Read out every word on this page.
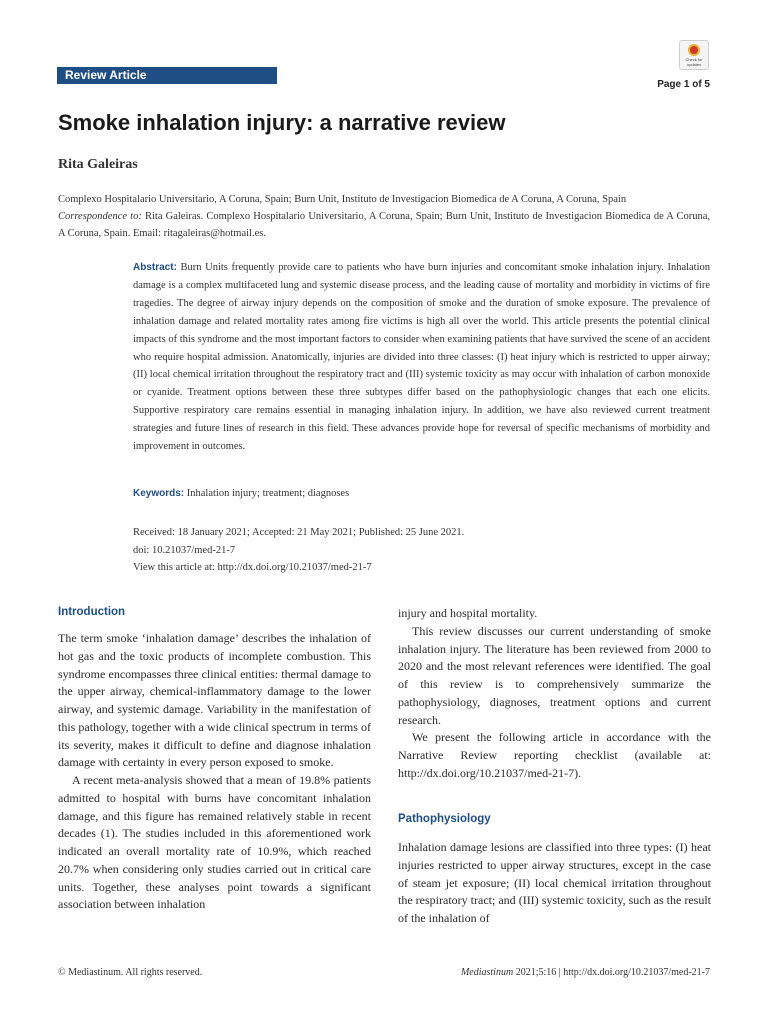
Review Article
Check for updates
Page 1 of 5
Smoke inhalation injury: a narrative review
Rita Galeiras

Complexo Hospitalario Universitario, A Coruna, Spain; Burn Unit, Instituto de Investigacion Biomedica de A Coruna, A Coruna, Spain

Correspondence to: Rita Galeiras. Complexo Hospitalario Universitario, A Coruna, Spain; Burn Unit, Instituto de Investigacion Biomedica de A Coruna, A Coruna, Spain. Email: ritagaleiras@hotmail.es.

Abstract: Burn Units frequently provide care to patients who have burn injuries and concomitant smoke inhalation injury. Inhalation damage is a complex multifaceted lung and systemic disease process, and the leading cause of mortality and morbidity in victims of fire tragedies. The degree of airway injury depends on the composition of smoke and the duration of smoke exposure. The prevalence of inhalation damage and related mortality rates among fire victims is high all over the world. This article presents the potential clinical impacts of this syndrome and the most important factors to consider when examining patients that have survived the scene of an accident who require hospital admission. Anatomically, injuries are divided into three classes: (I) heat injury which is restricted to upper airway; (II) local chemical irritation throughout the respiratory tract and (III) systemic toxicity as may occur with inhalation of carbon monoxide or cyanide. Treatment options between these three subtypes differ based on the pathophysiologic changes that each one elicits. Supportive respiratory care remains essential in managing inhalation injury. In addition, we have also reviewed current treatment strategies and future lines of research in this field. These advances provide hope for reversal of specific mechanisms of morbidity and improvement in outcomes.

Keywords: Inhalation injury; treatment; diagnoses
Received: 18 January 2021; Accepted: 21 May 2021; Published: 25 June 2021.
doi: 10.21037/med-21-7
View this article at: http://dx.doi.org/10.21037/med-21-7
Introduction

The term smoke ‘inhalation damage’ describes the inhalation of hot gas and the toxic products of incomplete combustion. This syndrome encompasses three clinical entities: thermal damage to the upper airway, chemical-inflammatory damage to the lower airway, and systemic damage. Variability in the manifestation of this pathology, together with a wide clinical spectrum in terms of its severity, makes it difficult to define and diagnose inhalation damage with certainty in every person exposed to smoke.

A recent meta-analysis showed that a mean of 19.8% patients admitted to hospital with burns have concomitant inhalation damage, and this figure has remained relatively stable in recent decades (1). The studies included in this aforementioned work indicated an overall mortality rate of 10.9%, which reached 20.7% when considering only studies carried out in critical care units. Together, these analyses point towards a significant association between inhalation

injury and hospital mortality.

This review discusses our current understanding of smoke inhalation injury. The literature has been reviewed from 2000 to 2020 and the most relevant references were identified. The goal of this review is to comprehensively summarize the pathophysiology, diagnoses, treatment options and current research.

We present the following article in accordance with the Narrative Review reporting checklist (available at: http://dx.doi.org/10.21037/med-21-7).

Pathophysiology

Inhalation damage lesions are classified into three types: (I) heat injuries restricted to upper airway structures, except in the case of steam jet exposure; (II) local chemical irritation throughout the respiratory tract; and (III) systemic toxicity, such as the result of the inhalation of

© Mediastinum. All rights reserved.	Mediastinum 2021;5:16 | http://dx.doi.org/10.21037/med-21-7
